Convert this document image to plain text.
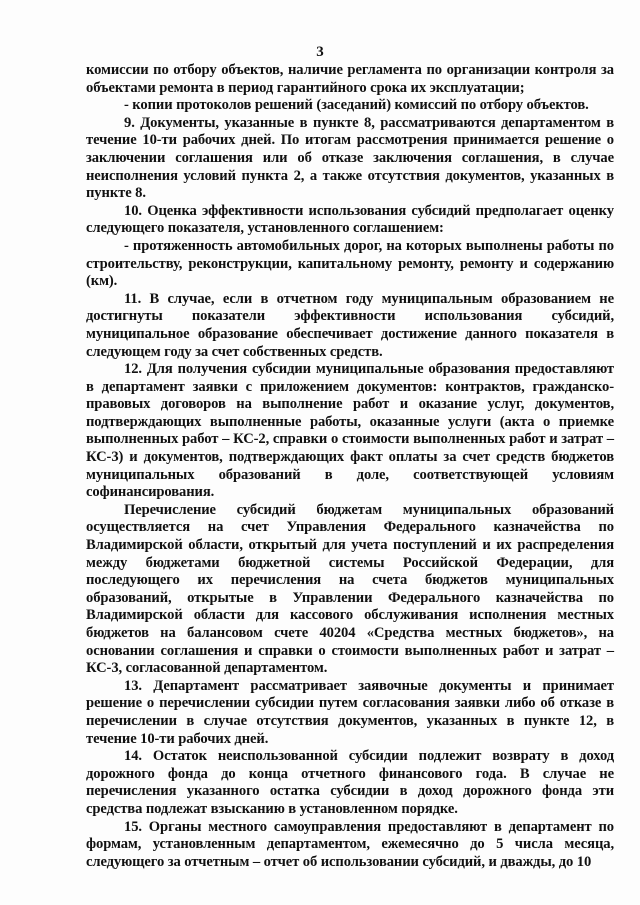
3

комиссии по отбору объектов, наличие регламента по организации контроля за объектами ремонта в период гарантийного срока их эксплуатации;

- копии протоколов решений (заседаний) комиссий по отбору объектов.

9. Документы, указанные в пункте 8, рассматриваются департаментом в течение 10-ти рабочих дней. По итогам рассмотрения принимается решение о заключении соглашения или об отказе заключения соглашения, в случае неисполнения условий пункта 2, а также отсутствия документов, указанных в пункте 8.

10. Оценка эффективности использования субсидий предполагает оценку следующего показателя, установленного соглашением:

- протяженность автомобильных дорог, на которых выполнены работы по строительству, реконструкции, капитальному ремонту, ремонту и содержанию (км).

11. В случае, если в отчетном году муниципальным образованием не достигнуты показатели эффективности использования субсидий, муниципальное образование обеспечивает достижение данного показателя в следующем году за счет собственных средств.

12. Для получения субсидии муниципальные образования предоставляют в департамент заявки с приложением документов: контрактов, гражданско-правовых договоров на выполнение работ и оказание услуг, документов, подтверждающих выполненные работы, оказанные услуги (акта о приемке выполненных работ – КС-2, справки о стоимости выполненных работ и затрат – КС-3) и документов, подтверждающих факт оплаты за счет средств бюджетов муниципальных образований в доле, соответствующей условиям софинансирования.

Перечисление субсидий бюджетам муниципальных образований осуществляется на счет Управления Федерального казначейства по Владимирской области, открытый для учета поступлений и их распределения между бюджетами бюджетной системы Российской Федерации, для последующего их перечисления на счета бюджетов муниципальных образований, открытые в Управлении Федерального казначейства по Владимирской области для кассового обслуживания исполнения местных бюджетов на балансовом счете 40204 «Средства местных бюджетов», на основании соглашения и справки о стоимости выполненных работ и затрат – КС-3, согласованной департаментом.

13. Департамент рассматривает заявочные документы и принимает решение о перечислении субсидии путем согласования заявки либо об отказе в перечислении в случае отсутствия документов, указанных в пункте 12, в течение 10-ти рабочих дней.

14. Остаток неиспользованной субсидии подлежит возврату в доход дорожного фонда до конца отчетного финансового года. В случае не перечисления указанного остатка субсидии в доход дорожного фонда эти средства подлежат взысканию в установленном порядке.

15. Органы местного самоуправления предоставляют в департамент по формам, установленным департаментом, ежемесячно до 5 числа месяца, следующего за отчетным – отчет об использовании субсидий, и дважды, до 10
